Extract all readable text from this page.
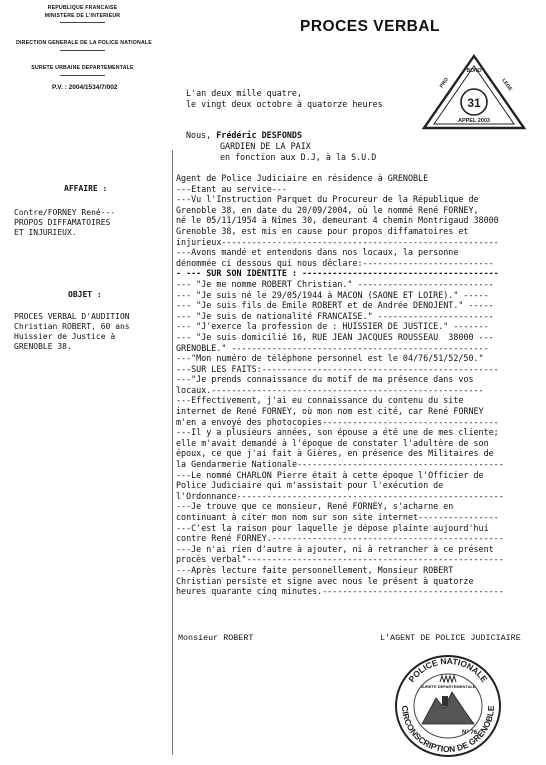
REPUBLIQUE FRANCAISE
MINISTERE DE L'INTERIEUR
DIRECTION GENERALE DE LA POLICE NATIONALE
SURETE URBAINE DEPARTEMENTALE
P.V. : 2004/1534/7/002
PROCES VERBAL
L'an deux mille quatre,
le vingt deux octobre à quatorze heures	31
PRO
BONO
LEGE
APPEL 2003
Nous, Frédéric DESFONDS
GARDIEN DE LA PAIX
en fonction aux D.J, à la S.U.D
AFFAIRE :
Contre/FORNEY René---
PROPOS DIFFAMATOIRES
ET INJURIEUX.
OBJET :
PROCES VERBAL D'AUDITION
Christian ROBERT, 60 ans
Huissier de Justice à
GRENOBLE 38.
Agent de Police Judiciaire en résidence à GRENOBLE
---Etant au service---
---Vu l'Instruction Parquet du Procureur de la République de
Grenoble 38, en date du 20/09/2004, où le nommé René FORNEY,
né le 05/11/1954 à Nîmes 30, demeurant 4 chemin Montrigaud 38000
Grenoble 38, est mis en cause pour propos diffamatoires et
injurieux-------------------------------------------------------
---Avons mandé et entendons dans nos locaux, la personne
dénommée ci dessous qui nous déclare:--------------------------
- --- SUR SON IDENTITE : ---------------------------------------
--- "Je me nomme ROBERT Christian." ---------------------------
--- "Je suis né le 29/05/1944 à MACON (SAONE ET LOIRE)." -----
--- "Je suis fils de Emile ROBERT et de Andrée DENOJENT." -----
--- "Je suis de nationalité FRANCAISE." -----------------------
--- "J'exerce la profession de : HUISSIER DE JUSTICE." -------
--- "Je suis domicilié 16, RUE JEAN JACQUES ROUSSEAU  38000 ---
GRENOBLE." ---------------------------------------------------
---"Mon numéro de téléphone personnel est le 04/76/51/52/50."
---SUR LES FAITS:-----------------------------------------------
---"Je prends connaissance du motif de ma présence dans vos
locaux.------------------------------------------------------
---Effectivement, j'ai eu connaissance du contenu du site
internet de René FORNEY, où mon nom est cité, car René FORNEY
m'en a envoyé des photocopies-----------------------------------
---Il y a plusieurs années, son épouse a été une de mes cliente;
elle m'avait demandé à l'époque de constater l'adultère de son
époux, ce que j'ai fait à Gières, en présence des Militaires de
la Gendarmerie Nationale-----------------------------------------
---Le nommé CHARLON Pierre était à cette époque l'Officier de
Police Judiciaire qui m'assistait pour l'exécution de
l'Ordonnance-----------------------------------------------------
---Je trouve que ce monsieur, René FORNEY, s'acharne en
continuant à citer mon nom sur son site internet----------------
---C'est la raison pour laquelle je dépose plainte aujourd'hui
contre René FORNEY.----------------------------------------------
---Je n'ai rien d'autre à ajouter, ni à retrancher à ce présent
procès verbal"---------------------------------------------------
---Après lecture faite personnellement, Monsieur ROBERT
Christian persiste et signe avec nous le présent à quatorze
heures quarante cinq minutes.------------------------------------
Monsieur ROBERT	L'AGENT DE POLICE JUDICIAIRE
POLICE NATIONALE
CIRCONSCRIPTION DE GRENOBLE
SURETE DEPARTEMENTALE
N° 76
